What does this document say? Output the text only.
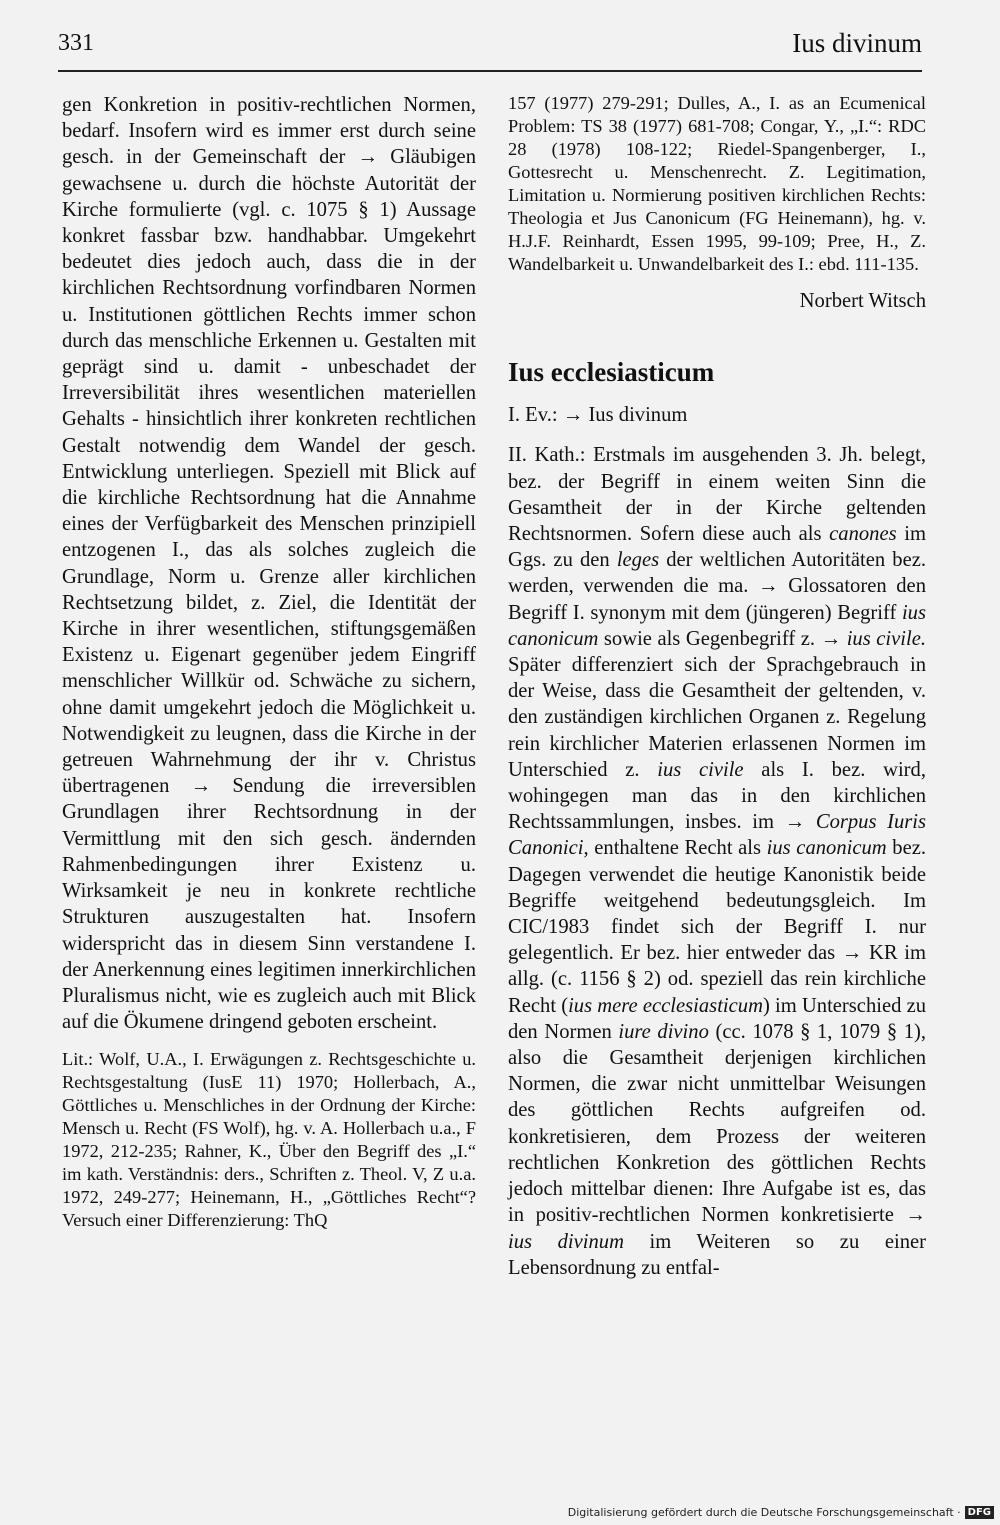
331	Ius divinum

gen Konkretion in positiv-rechtlichen Normen, bedarf. Insofern wird es immer erst durch seine gesch. in der Gemeinschaft der → Gläubigen gewachsene u. durch die höchste Autorität der Kirche formulierte (vgl. c. 1075 § 1) Aussage konkret fassbar bzw. handhabbar. Umgekehrt bedeutet dies jedoch auch, dass die in der kirchlichen Rechtsordnung vorfindbaren Normen u. Institutionen göttlichen Rechts immer schon durch das menschliche Erkennen u. Gestalten mit geprägt sind u. damit - unbeschadet der Irreversibilität ihres wesentlichen materiellen Gehalts - hinsichtlich ihrer konkreten rechtlichen Gestalt notwendig dem Wandel der gesch. Entwicklung unterliegen. Speziell mit Blick auf die kirchliche Rechtsordnung hat die Annahme eines der Verfügbarkeit des Menschen prinzipiell entzogenen I., das als solches zugleich die Grundlage, Norm u. Grenze aller kirchlichen Rechtsetzung bildet, z. Ziel, die Identität der Kirche in ihrer wesentlichen, stiftungsgemäßen Existenz u. Eigenart gegenüber jedem Eingriff menschlicher Willkür od. Schwäche zu sichern, ohne damit umgekehrt jedoch die Möglichkeit u. Notwendigkeit zu leugnen, dass die Kirche in der getreuen Wahrnehmung der ihr v. Christus übertragenen → Sendung die irreversiblen Grundlagen ihrer Rechtsordnung in der Vermittlung mit den sich gesch. ändernden Rahmenbedingungen ihrer Existenz u. Wirksamkeit je neu in konkrete rechtliche Strukturen auszugestalten hat. Insofern widerspricht das in diesem Sinn verstandene I. der Anerkennung eines legitimen innerkirchlichen Pluralismus nicht, wie es zugleich auch mit Blick auf die Ökumene dringend geboten erscheint.

Lit.: Wolf, U.A., I. Erwägungen z. Rechtsgeschichte u. Rechtsgestaltung (IusE 11) 1970; Hollerbach, A., Göttliches u. Menschliches in der Ordnung der Kirche: Mensch u. Recht (FS Wolf), hg. v. A. Hollerbach u.a., F 1972, 212-235; Rahner, K., Über den Begriff des „I.“ im kath. Verständnis: ders., Schriften z. Theol. V, Z u.a. 1972, 249-277; Heinemann, H., „Göttliches Recht“? Versuch einer Differenzierung: ThQ

157 (1977) 279-291; Dulles, A., I. as an Ecumenical Problem: TS 38 (1977) 681-708; Congar, Y., „I.“: RDC 28 (1978) 108-122; Riedel-Spangenberger, I., Gottesrecht u. Menschenrecht. Z. Legitimation, Limitation u. Normierung positiven kirchlichen Rechts: Theologia et Jus Canonicum (FG Heinemann), hg. v. H.J.F. Reinhardt, Essen 1995, 99-109; Pree, H., Z. Wandelbarkeit u. Unwandelbarkeit des I.: ebd. 111-135.

Norbert Witsch

Ius ecclesiasticum

I. Ev.: → Ius divinum

II. Kath.: Erstmals im ausgehenden 3. Jh. belegt, bez. der Begriff in einem weiten Sinn die Gesamtheit der in der Kirche geltenden Rechtsnormen. Sofern diese auch als canones im Ggs. zu den leges der weltlichen Autoritäten bez. werden, verwenden die ma. → Glossatoren den Begriff I. synonym mit dem (jüngeren) Begriff ius canonicum sowie als Gegenbegriff z. → ius civile. Später differenziert sich der Sprachgebrauch in der Weise, dass die Gesamtheit der geltenden, v. den zuständigen kirchlichen Organen z. Regelung rein kirchlicher Materien erlassenen Normen im Unterschied z. ius civile als I. bez. wird, wohingegen man das in den kirchlichen Rechtssammlungen, insbes. im → Corpus Iuris Canonici, enthaltene Recht als ius canonicum bez. Dagegen verwendet die heutige Kanonistik beide Begriffe weitgehend bedeutungsgleich. Im CIC/1983 findet sich der Begriff I. nur gelegentlich. Er bez. hier entweder das → KR im allg. (c. 1156 § 2) od. speziell das rein kirchliche Recht (ius mere ecclesiasticum) im Unterschied zu den Normen iure divino (cc. 1078 § 1, 1079 § 1), also die Gesamtheit derjenigen kirchlichen Normen, die zwar nicht unmittelbar Weisungen des göttlichen Rechts aufgreifen od. konkretisieren, dem Prozess der weiteren rechtlichen Konkretion des göttlichen Rechts jedoch mittelbar dienen: Ihre Aufgabe ist es, das in positiv-rechtlichen Normen konkretisierte → ius divinum im Weiteren so zu einer Lebensordnung zu entfal-

Digitalisierung gefördert durch die Deutsche Forschungsgemeinschaft · DFG
